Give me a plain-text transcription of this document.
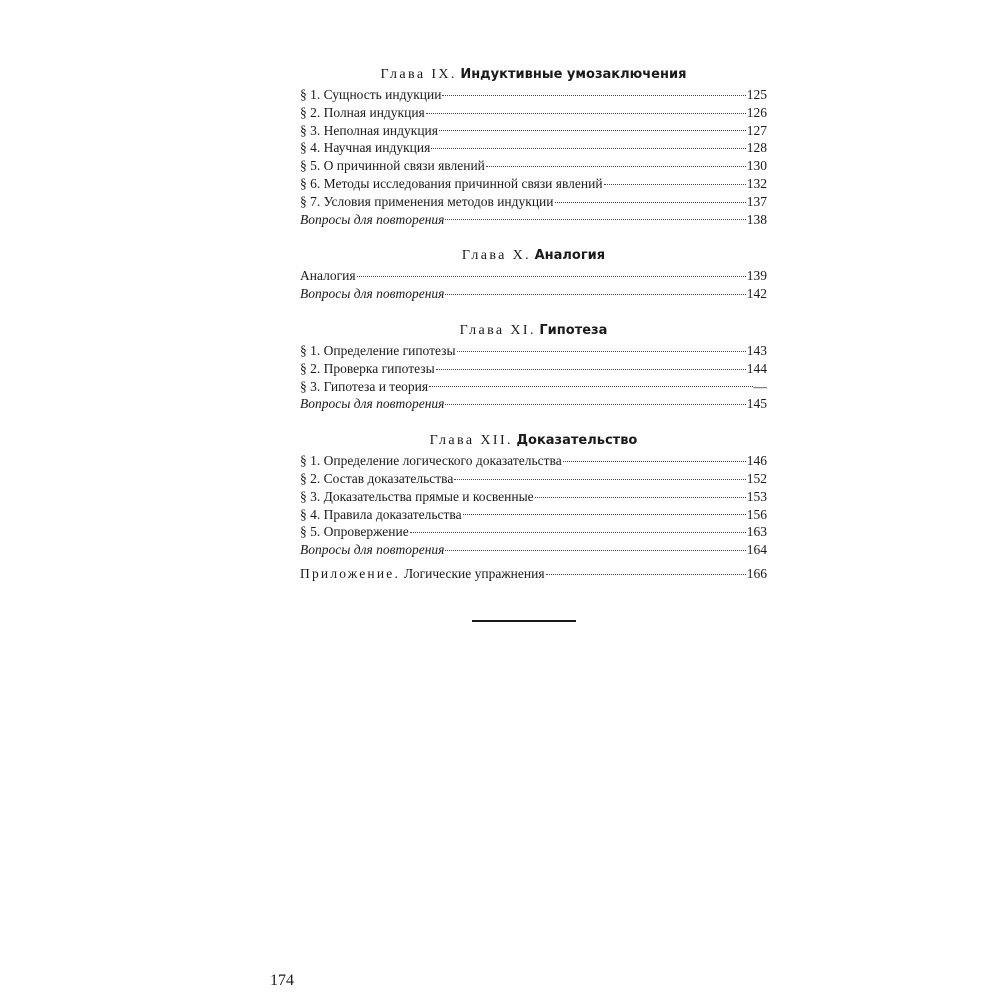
Глава IX. Индуктивные умозаключения
§ 1. Сущность индукции	125
§ 2. Полная индукция	126
§ 3. Неполная индукция	127
§ 4. Научная индукция	128
§ 5. О причинной связи явлений	130
§ 6. Методы исследования причинной связи явлений	132
§ 7. Условия применения методов индукции	137
Вопросы для повторения	138
Глава X. Аналогия
Аналогия	139
Вопросы для повторения	142
Глава XI. Гипотеза
§ 1. Определение гипотезы	143
§ 2. Проверка гипотезы	144
§ 3. Гипотеза и теория	—
Вопросы для повторения	145
Глава XII. Доказательство
§ 1. Определение логического доказательства	146
§ 2. Состав доказательства	152
§ 3. Доказательства прямые и косвенные	153
§ 4. Правила доказательства	156
§ 5. Опровержение	163
Вопросы для повторения	164
Приложение. Логические упражнения	166
174
